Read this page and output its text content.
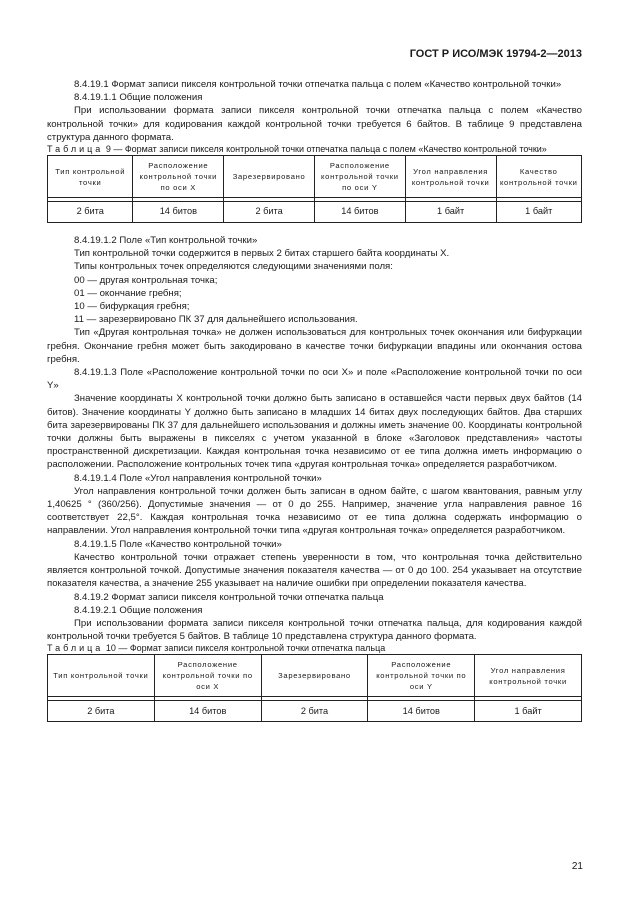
ГОСТ Р ИСО/МЭК 19794-2—2013

8.4.19.1 Формат записи пикселя контрольной точки отпечатка пальца с полем «Качество контрольной точки»

8.4.19.1.1 Общие положения

При использовании формата записи пикселя контрольной точки отпечатка пальца с полем «Качество контрольной точки» для кодирования каждой контрольной точки требуется 6 байтов. В таблице 9 представлена структура данного формата.

Таблица 9 — Формат записи пикселя контрольной точки отпечатка пальца с полем «Качество контрольной точки»

Тип контрольной точки	Расположение контрольной точки по оси X	Зарезервировано	Расположение контрольной точки по оси Y	Угол направления контрольной точки	Качество контрольной точки

2 бита	14 битов	2 бита	14 битов	1 байт	1 байт

8.4.19.1.2 Поле «Тип контрольной точки»

Тип контрольной точки содержится в первых 2 битах старшего байта координаты X.

Типы контрольных точек определяются следующими значениями поля:

00 — другая контрольная точка;

01 — окончание гребня;

10 — бифуркация гребня;

11 — зарезервировано ПК 37 для дальнейшего использования.

Тип «Другая контрольная точка» не должен использоваться для контрольных точек окончания или бифуркации гребня. Окончание гребня может быть закодировано в качестве точки бифуркации впадины или окончания остова гребня.

8.4.19.1.3 Поле «Расположение контрольной точки по оси X» и поле «Расположение контрольной точки по оси Y»

Значение координаты X контрольной точки должно быть записано в оставшейся части первых двух байтов (14 битов). Значение координаты Y должно быть записано в младших 14 битах двух последующих байтов. Два старших бита зарезервированы ПК 37 для дальнейшего использования и должны иметь значение 00. Координаты контрольной точки должны быть выражены в пикселях с учетом указанной в блоке «Заголовок представления» частоты пространственной дискретизации. Каждая контрольная точка независимо от ее типа должна иметь информацию о расположении. Расположение контрольных точек типа «другая контрольная точка» определяется разработчиком.

8.4.19.1.4 Поле «Угол направления контрольной точки»

Угол направления контрольной точки должен быть записан в одном байте, с шагом квантования, равным углу 1,40625 ° (360/256). Допустимые значения — от 0 до 255. Например, значение угла направления равное 16 соответствует 22,5°. Каждая контрольная точка независимо от ее типа должна содержать информацию о направлении. Угол направления контрольной точки типа «другая контрольная точка» определяется разработчиком.

8.4.19.1.5 Поле «Качество контрольной точки»

Качество контрольной точки отражает степень уверенности в том, что контрольная точка действительно является контрольной точкой. Допустимые значения показателя качества — от 0 до 100. 254 указывает на отсутствие показателя качества, а значение 255 указывает на наличие ошибки при определении показателя качества.

8.4.19.2 Формат записи пикселя контрольной точки отпечатка пальца

8.4.19.2.1 Общие положения

При использовании формата записи пикселя контрольной точки отпечатка пальца, для кодирования каждой контрольной точки требуется 5 байтов. В таблице 10 представлена структура данного формата.

Таблица 10 — Формат записи пикселя контрольной точки отпечатка пальца

Тип контрольной точки	Расположение контрольной точки по оси X	Зарезервировано	Расположение контрольной точки по оси Y	Угол направления контрольной точки

2 бита	14 битов	2 бита	14 битов	1 байт
21
